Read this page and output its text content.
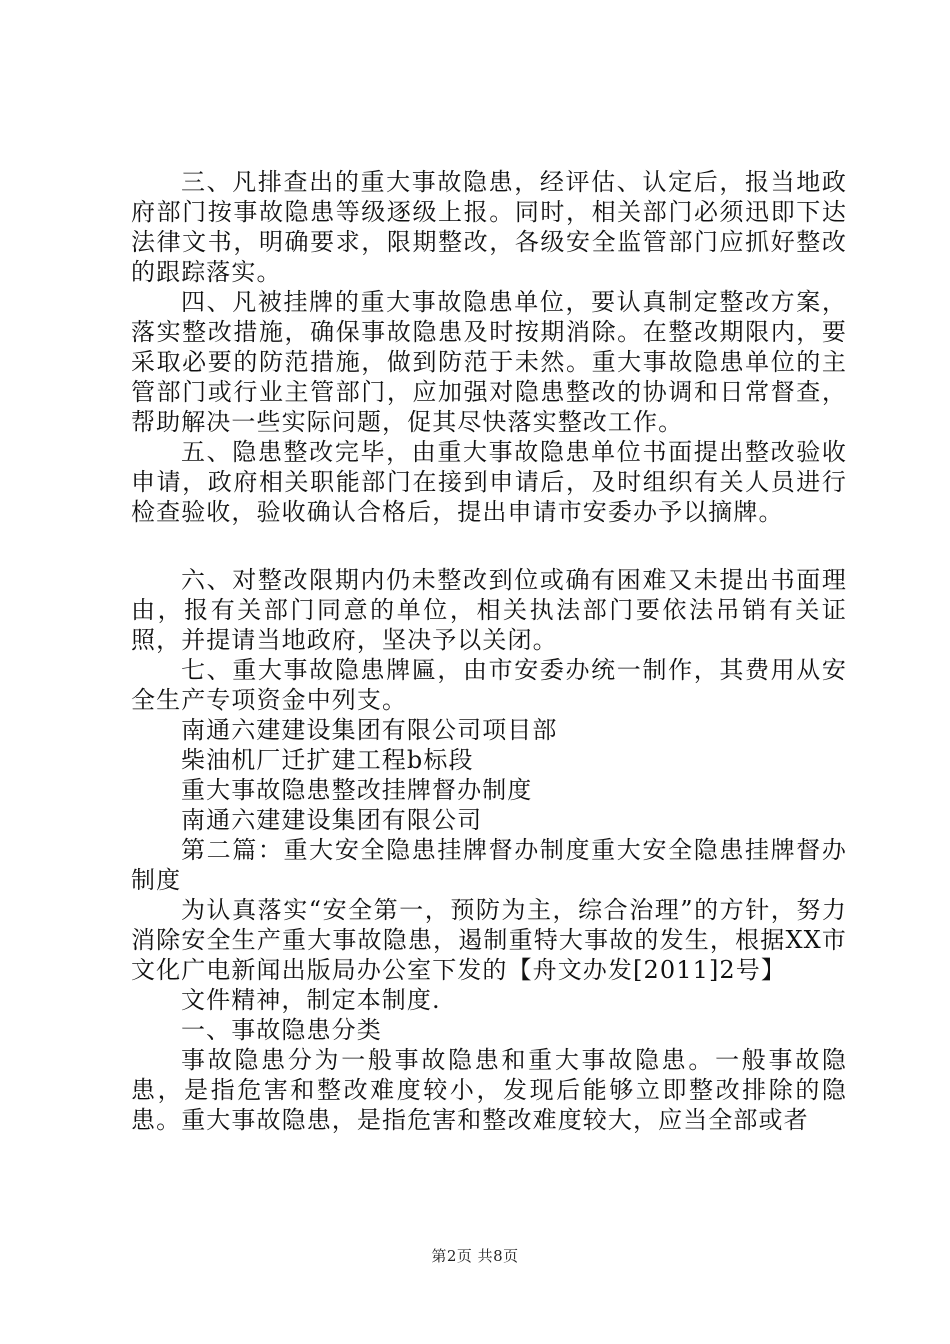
三、凡排查出的重大事故隐患，经评估、认定后，报当地政府部门按事故隐患等级逐级上报。同时，相关部门必须迅即下达法律文书，明确要求，限期整改，各级安全监管部门应抓好整改的跟踪落实。

四、凡被挂牌的重大事故隐患单位，要认真制定整改方案，落实整改措施，确保事故隐患及时按期消除。在整改期限内，要采取必要的防范措施，做到防范于未然。重大事故隐患单位的主管部门或行业主管部门，应加强对隐患整改的协调和日常督查，帮助解决一些实际问题，促其尽快落实整改工作。

五、隐患整改完毕，由重大事故隐患单位书面提出整改验收申请，政府相关职能部门在接到申请后，及时组织有关人员进行检查验收，验收确认合格后，提出申请市安委办予以摘牌。

六、对整改限期内仍未整改到位或确有困难又未提出书面理由，报有关部门同意的单位，相关执法部门要依法吊销有关证照，并提请当地政府，坚决予以关闭。

七、重大事故隐患牌匾，由市安委办统一制作，其费用从安全生产专项资金中列支。

南通六建建设集团有限公司项目部

柴油机厂迁扩建工程b标段

重大事故隐患整改挂牌督办制度

南通六建建设集团有限公司

第二篇：重大安全隐患挂牌督办制度重大安全隐患挂牌督办制度

为认真落实“安全第一，预防为主，综合治理”的方针，努力消除安全生产重大事故隐患，遏制重特大事故的发生，根据XX市文化广电新闻出版局办公室下发的【舟文办发[2011]2号】

文件精神，制定本制度.

一、事故隐患分类

事故隐患分为一般事故隐患和重大事故隐患。一般事故隐患，是指危害和整改难度较小，发现后能够立即整改排除的隐患。重大事故隐患，是指危害和整改难度较大，应当全部或者

第2页 共8页
